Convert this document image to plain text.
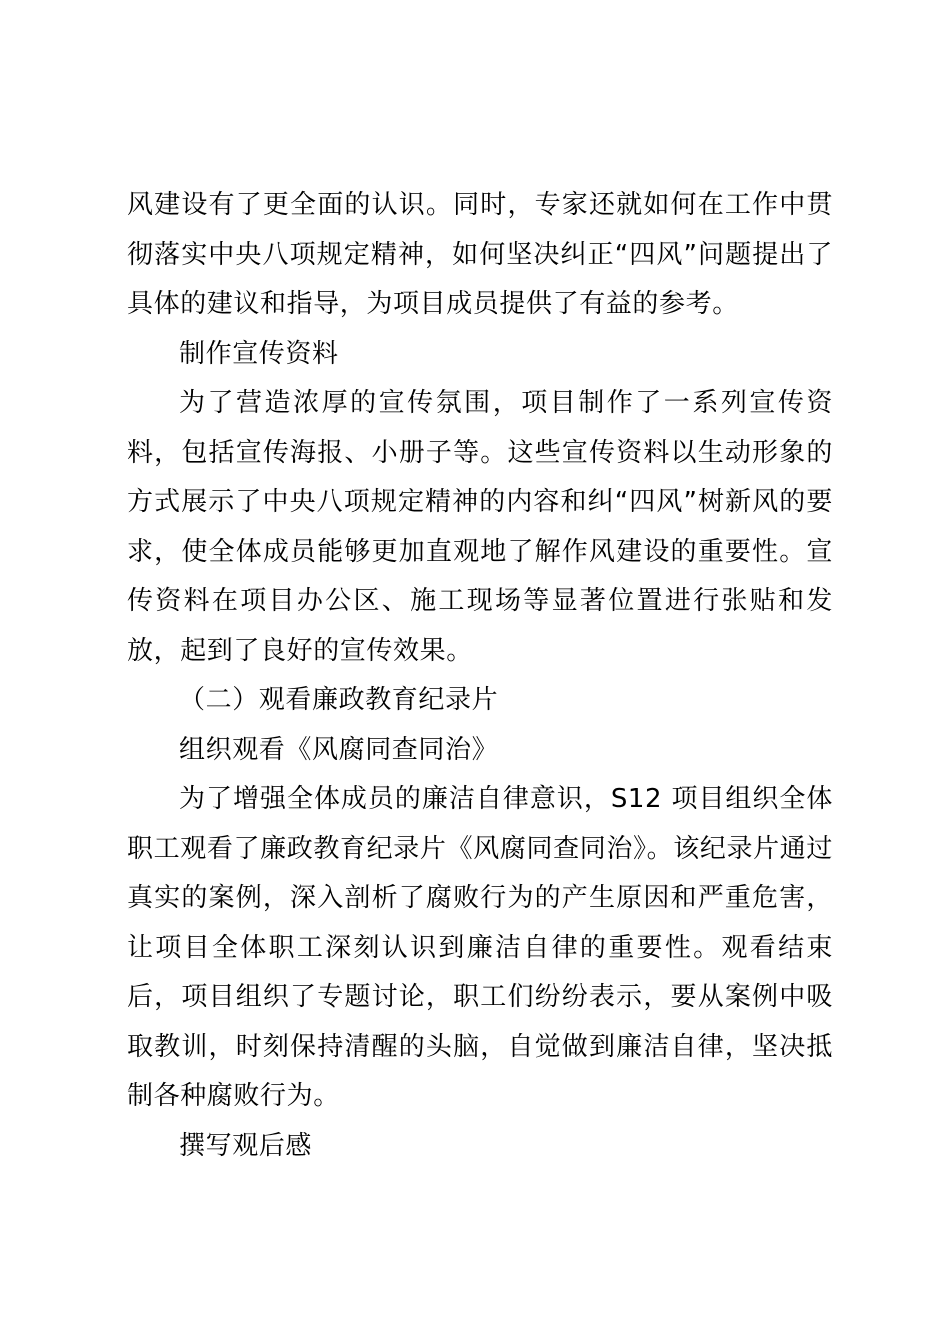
风建设有了更全面的认识。同时，专家还就如何在工作中贯彻落实中央八项规定精神，如何坚决纠正“四风”问题提出了具体的建议和指导，为项目成员提供了有益的参考。

制作宣传资料

为了营造浓厚的宣传氛围，项目制作了一系列宣传资料，包括宣传海报、小册子等。这些宣传资料以生动形象的方式展示了中央八项规定精神的内容和纠“四风”树新风的要求，使全体成员能够更加直观地了解作风建设的重要性。宣传资料在项目办公区、施工现场等显著位置进行张贴和发放，起到了良好的宣传效果。

（二）观看廉政教育纪录片

组织观看《风腐同查同治》

为了增强全体成员的廉洁自律意识，S12 项目组织全体职工观看了廉政教育纪录片《风腐同查同治》。该纪录片通过真实的案例，深入剖析了腐败行为的产生原因和严重危害，让项目全体职工深刻认识到廉洁自律的重要性。观看结束后，项目组织了专题讨论，职工们纷纷表示，要从案例中吸取教训，时刻保持清醒的头脑，自觉做到廉洁自律，坚决抵制各种腐败行为。

撰写观后感
